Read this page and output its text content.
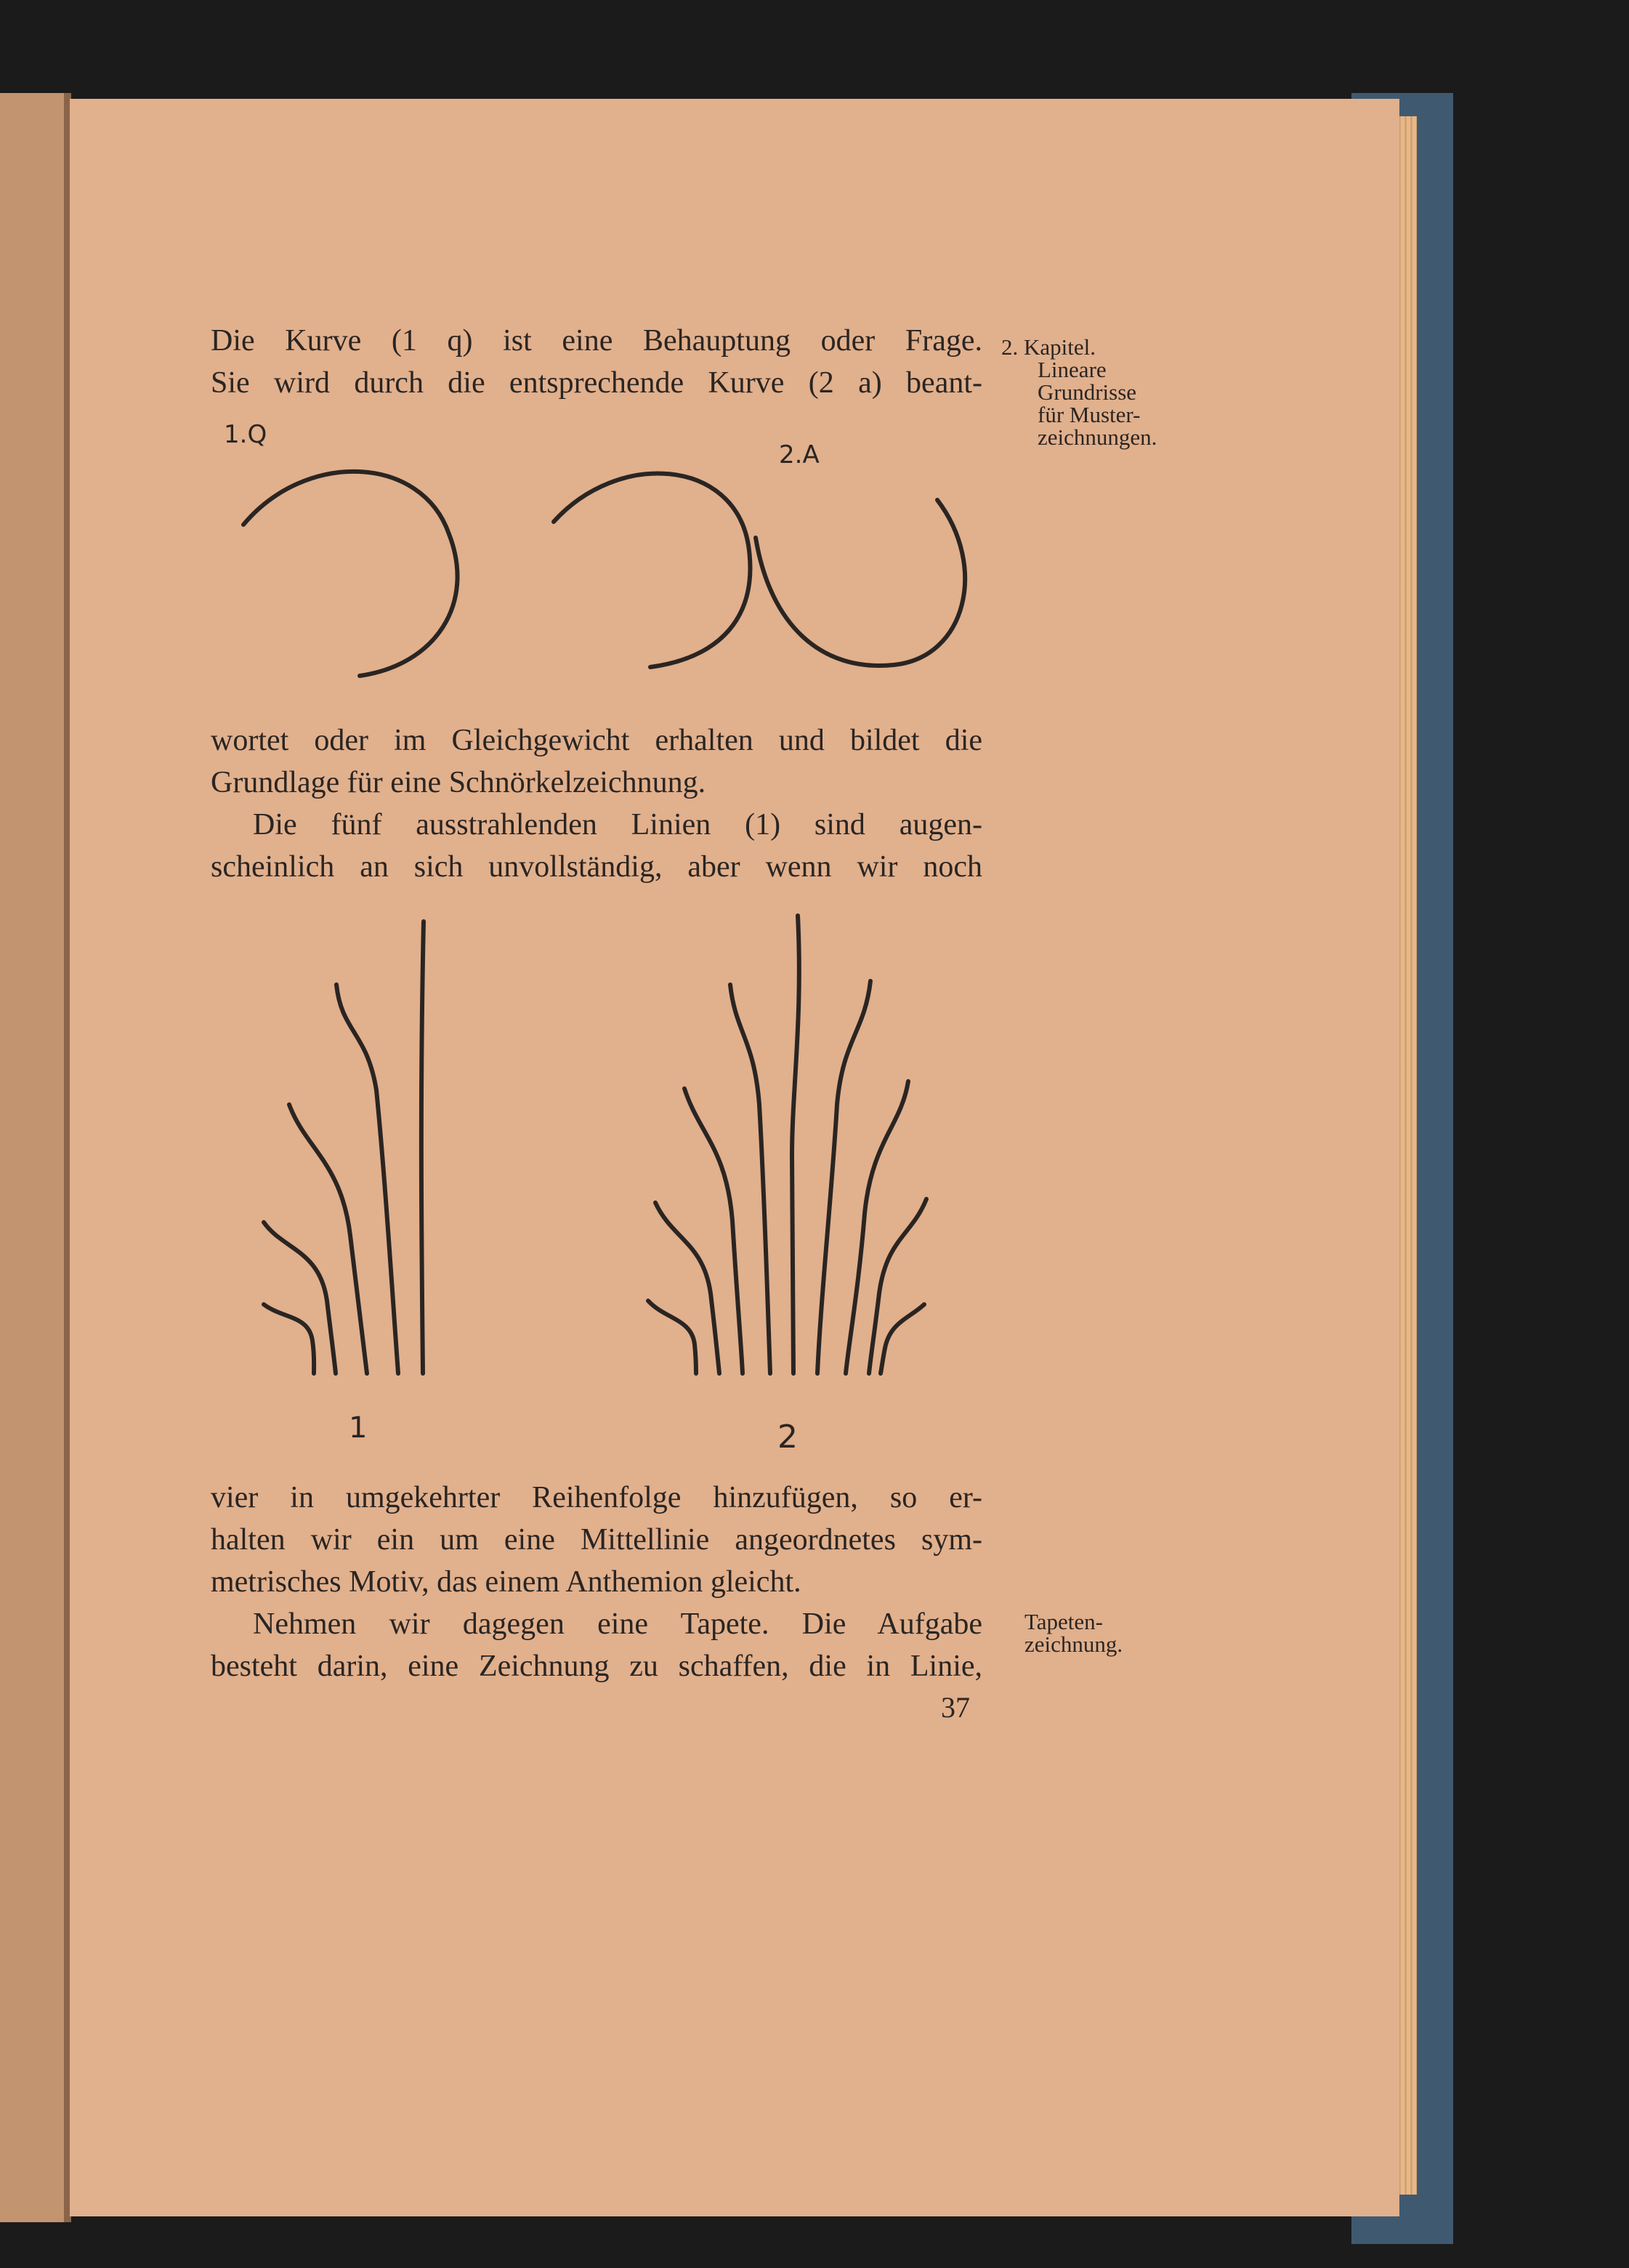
Die Kurve (1 q) ist eine Behauptung oder Frage.
Sie wird durch die entsprechende Kurve (2 a) beant-
2. Kapitel.
Lineare
Grundrisse
für Muster-
zeichnungen.
1.Q
2.A
wortet oder im Gleichgewicht erhalten und bildet die
Grundlage für eine Schnörkelzeichnung.
Die fünf ausstrahlenden Linien (1) sind augen-
scheinlich an sich unvollständig, aber wenn wir noch
1	2
vier in umgekehrter Reihenfolge hinzufügen, so er-
halten wir ein um eine Mittellinie angeordnetes sym-
metrisches Motiv, das einem Anthemion gleicht.
Nehmen wir dagegen eine Tapete. Die Aufgabe
besteht darin, eine Zeichnung zu schaffen, die in Linie,
Tapeten-
zeichnung.
37
